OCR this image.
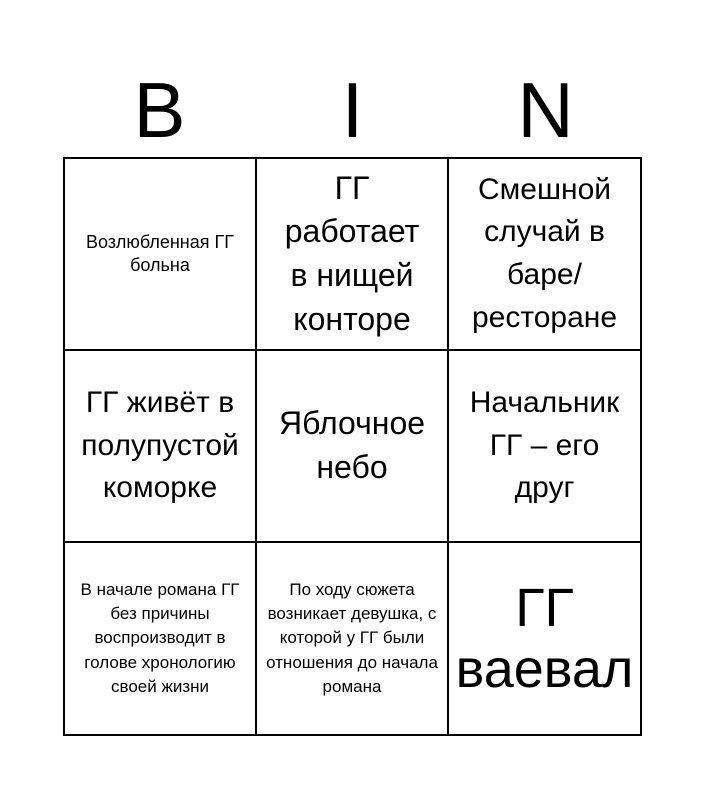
B	I	N
Возлюбленная ГГ больна
ГГ работает в нищей конторе
Смешной случай в баре/ ресторане
ГГ живёт в полупустой коморке
Яблочное небо
Начальник ГГ – его друг
В начале романа ГГ без причины воспроизводит в голове хронологию своей жизни
По ходу сюжета возникает девушка, с которой у ГГ были отношения до начала романа
ГГ ваевал
